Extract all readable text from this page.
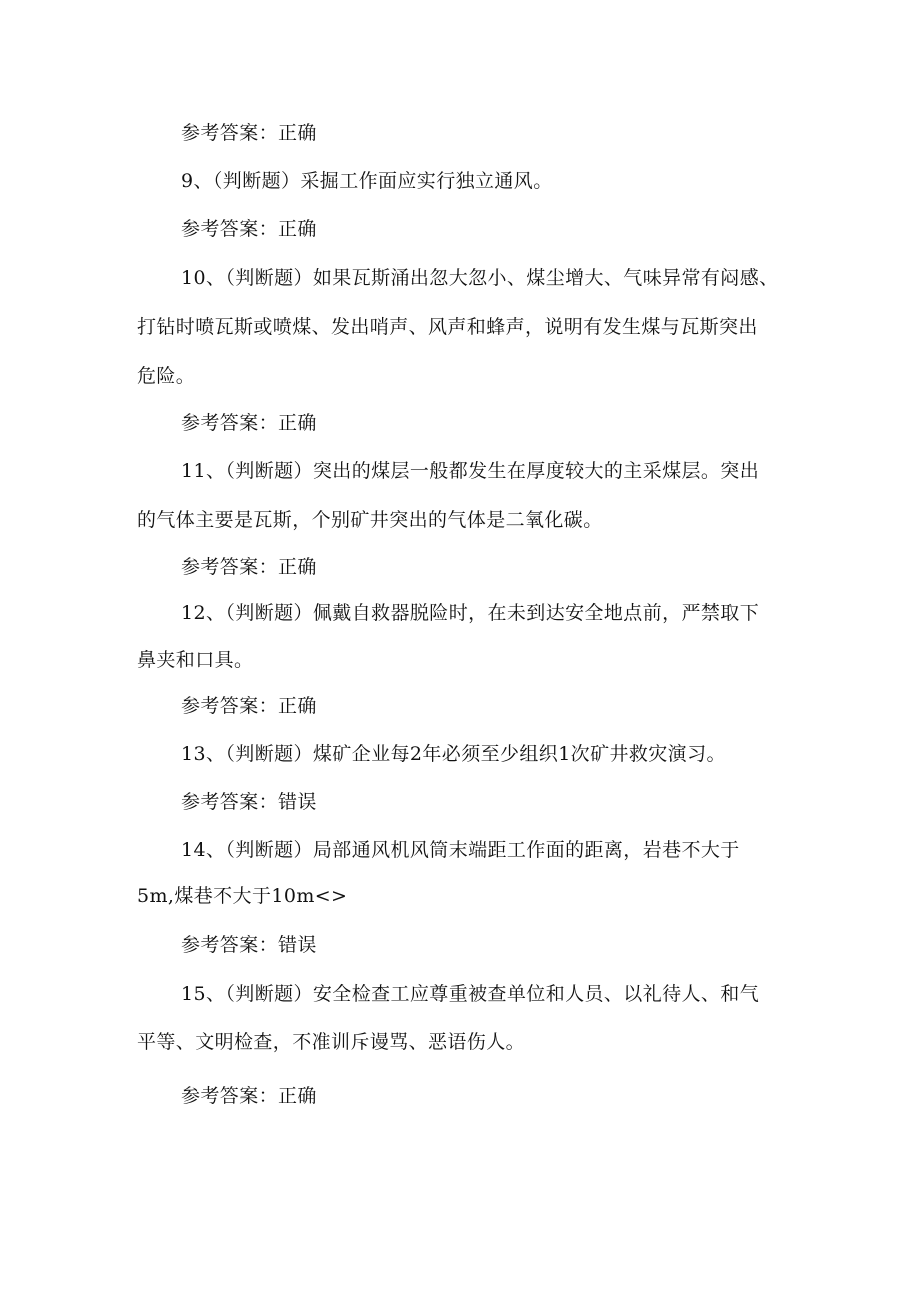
参考答案：正确
9、（判断题）采掘工作面应实行独立通风。
参考答案：正确
10、（判断题）如果瓦斯涌出忽大忽小、煤尘增大、气味异常有闷感、
打钻时喷瓦斯或喷煤、发出哨声、风声和蜂声，说明有发生煤与瓦斯突出
危险。
参考答案：正确
11、（判断题）突出的煤层一般都发生在厚度较大的主采煤层。突出
的气体主要是瓦斯，个别矿井突出的气体是二氧化碳。
参考答案：正确
12、（判断题）佩戴自救器脱险时，在未到达安全地点前，严禁取下
鼻夹和口具。
参考答案：正确
13、（判断题）煤矿企业每2年必须至少组织1次矿井救灾演习。
参考答案：错误
14、（判断题）局部通风机风筒末端距工作面的距离，岩巷不大于
5m,煤巷不大于10m<>
参考答案：错误
15、（判断题）安全检查工应尊重被查单位和人员、以礼待人、和气
平等、文明检查，不准训斥谩骂、恶语伤人。
参考答案：正确
